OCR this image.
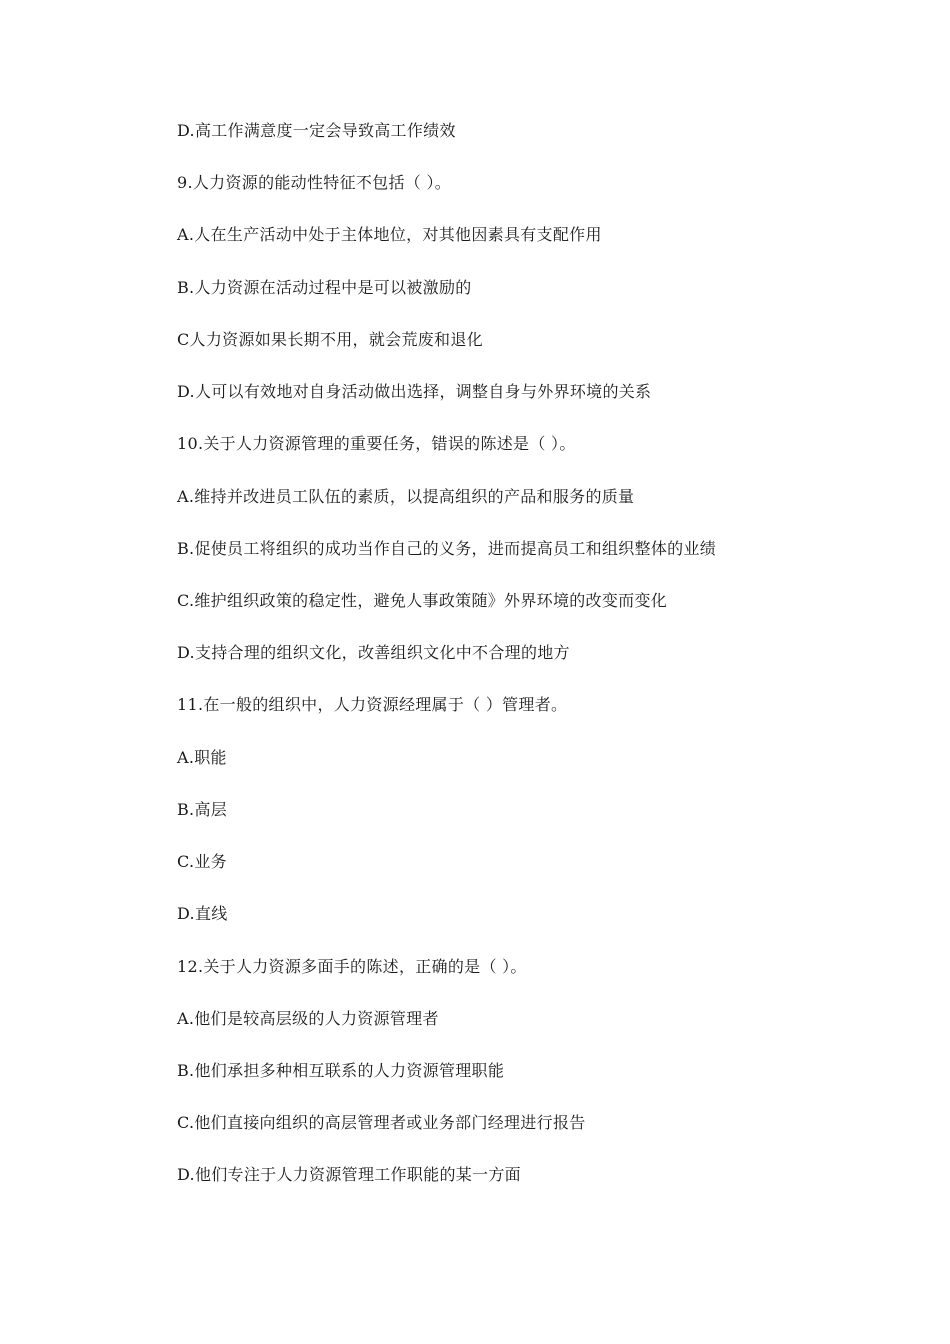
D.高工作满意度一定会导致高工作绩效

9.人力资源的能动性特征不包括（ ）。

A.人在生产活动中处于主体地位，对其他因素具有支配作用

B.人力资源在活动过程中是可以被激励的

C人力资源如果长期不用，就会荒废和退化

D.人可以有效地对自身活动做出选择，调整自身与外界环境的关系

10.关于人力资源管理的重要任务，错误的陈述是（ ）。

A.维持并改进员工队伍的素质，以提高组织的产品和服务的质量

B.促使员工将组织的成功当作自己的义务，进而提高员工和组织整体的业绩

C.维护组织政策的稳定性，避免人事政策随》外界环境的改变而变化

D.支持合理的组织文化，改善组织文化中不合理的地方

11.在一般的组织中，人力资源经理属于（ ）管理者。

A.职能

B.高层

C.业务

D.直线

12.关于人力资源多面手的陈述，正确的是（ ）。

A.他们是较高层级的人力资源管理者

B.他们承担多种相互联系的人力资源管理职能

C.他们直接向组织的高层管理者或业务部门经理进行报告

D.他们专注于人力资源管理工作职能的某一方面
